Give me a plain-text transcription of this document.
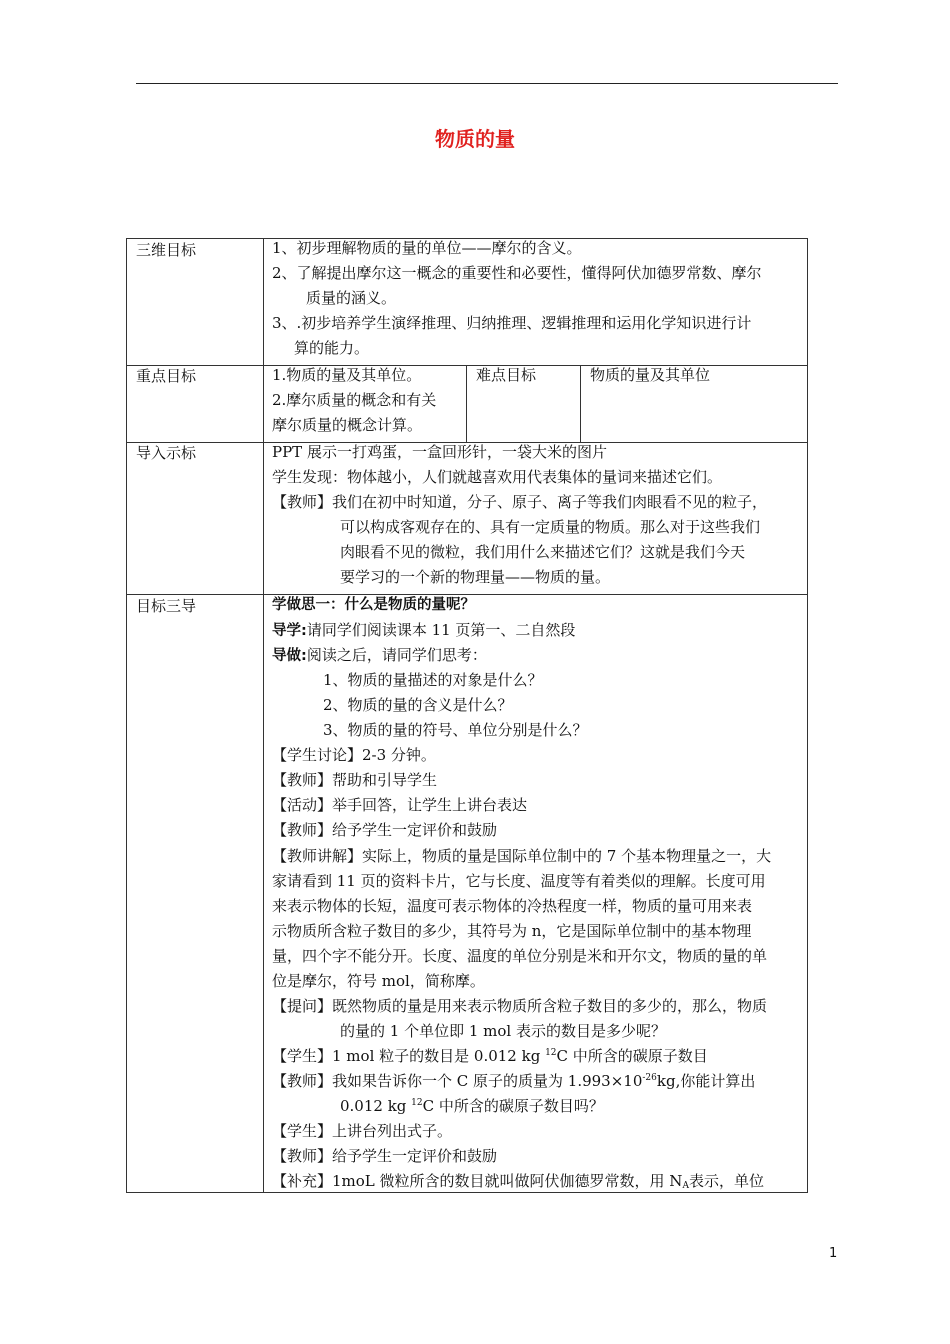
物质的量
三维目标	1、初步理解物质的量的单位——摩尔的含义。
2、了解提出摩尔这一概念的重要性和必要性，懂得阿伏加德罗常数、摩尔
质量的涵义。
3、.初步培养学生演绎推理、归纳推理、逻辑推理和运用化学知识进行计
算的能力。
重点目标	1.物质的量及其单位。
2.摩尔质量的概念和有关
摩尔质量的概念计算。
难点目标	物质的量及其单位
导入示标	PPT 展示一打鸡蛋，一盒回形针，一袋大米的图片
学生发现：物体越小，人们就越喜欢用代表集体的量词来描述它们。
【教师】我们在初中时知道，分子、原子、离子等我们肉眼看不见的粒子，
可以构成客观存在的、具有一定质量的物质。那么对于这些我们
肉眼看不见的微粒，我们用什么来描述它们？这就是我们今天
要学习的一个新的物理量——物质的量。
目标三导	学做思一：什么是物质的量呢？
导学:请同学们阅读课本 11 页第一、二自然段
导做:阅读之后，请同学们思考：
1、物质的量描述的对象是什么？
2、物质的量的含义是什么？
3、物质的量的符号、单位分别是什么？
【学生讨论】2-3 分钟。
【教师】帮助和引导学生
【活动】举手回答，让学生上讲台表达
【教师】给予学生一定评价和鼓励
【教师讲解】实际上，物质的量是国际单位制中的 7 个基本物理量之一，大
家请看到 11 页的资料卡片，它与长度、温度等有着类似的理解。长度可用
来表示物体的长短，温度可表示物体的冷热程度一样，物质的量可用来表
示物质所含粒子数目的多少，其符号为 n，它是国际单位制中的基本物理
量，四个字不能分开。长度、温度的单位分别是米和开尔文，物质的量的单
位是摩尔，符号 mol，简称摩。
【提问】既然物质的量是用来表示物质所含粒子数目的多少的，那么，物质
的量的 1 个单位即 1 mol 表示的数目是多少呢？
【学生】1 mol 粒子的数目是 0.012 kg $^{12}$C 中所含的碳原子数目
【教师】我如果告诉你一个 C 原子的质量为 $1.993\times 10^{-26}kg$,你能计算出
0.012 kg $^{12}$C 中所含的碳原子数目吗？
【学生】上讲台列出式子。
【教师】给予学生一定评价和鼓励
【补充】1moL 微粒所含的数目就叫做阿伏伽德罗常数，用 $N_A$表示，单位
1
